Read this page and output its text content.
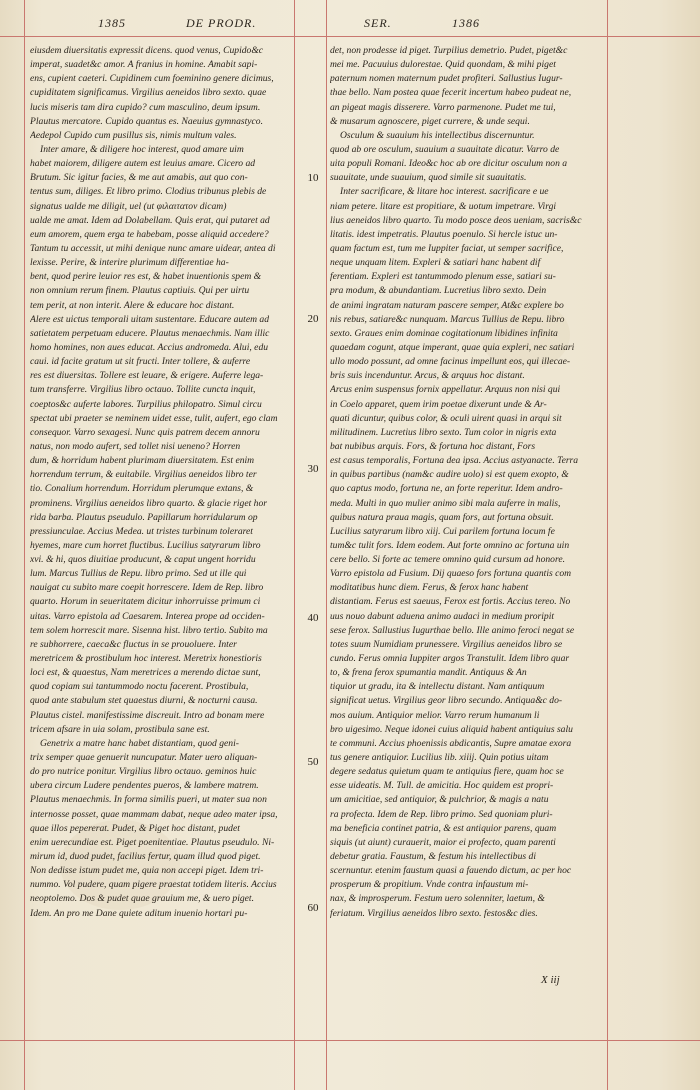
1385	DE PRODR.	SER.	1386
eiusdem diuersitatis expressit dicens. quod venus, Cupido&c
imperat, suadet&c amor. A franius in homine. Amabit sapi-
ens, cupient caeteri. Cupidinem cum foeminino genere dicimus,
cupiditatem significamus. Virgilius aeneidos libro sexto. quae
lucis miseris tam dira cupido? cum masculino, deum ipsum.
Plautus mercatore. Cupido quantus es. Naeuius gymnastyco.
Aedepol Cupido cum pusillus sis, nimis multum vales.
Inter amare, & diligere hoc interest, quod amare uim
habet maiorem, diligere autem est leuius amare. Cicero ad
Brutum. Sic igitur facies, & me aut amabis, aut quo con-
tentus sum, diliges. Et libro primo. Clodius tribunus plebis de
signatus ualde me diligit, uel (ut φιλαιτατον dicam)
ualde me amat. Idem ad Dolabellam. Quis erat, qui putaret ad
eum amorem, quem erga te habebam, posse aliquid accedere?
Tantum tu accessit, ut mihi denique nunc amare uidear, antea di
lexisse. Perire, & interire plurimum differentiae ha-
bent, quod perire leuior res est, & habet inuentionis spem &
non omnium rerum finem. Plautus captiuis. Qui per uirtu
tem perit, at non interit. Alere & educare hoc distant.
Alere est uictus temporali uitam sustentare. Educare autem ad
satietatem perpetuam educere. Plautus menaechmis. Nam illic
homo homines, non aues educat. Accius andromeda. Alui, edu
caui. id facite gratum ut sit fructi. Inter tollere, & auferre
res est diuersitas. Tollere est leuare, & erigere. Auferre lega-
tum transferre. Virgilius libro octauo. Tollite cuncta inquit,
coeptos&c auferte labores. Turpilius philopatro. Simul circu
spectat ubi praeter se neminem uidet esse, tulit, aufert, ego clam
consequor. Varro sexagesi. Nunc quis patrem decem annoru
natus, non modo aufert, sed tollet nisi ueneno? Horren
dum, & horridum habent plurimam diuersitatem. Est enim
horrendum terrum, & euitabile. Virgilius aeneidos libro ter
tio. Conalium horrendum. Horridum plerumque extans, &
prominens. Virgilius aeneidos libro quarto. & glacie riget hor
rida barba. Plautus pseudulo. Papillarum horridularum op
pressiunculae. Accius Medea. ut tristes turbinum toleraret
hyemes, mare cum horret fluctibus. Lucilius satyrarum libro
xvi. & hi, quos diuitiae producunt, & caput ungent horridu
lum. Marcus Tullius de Repu. libro primo. Sed ut ille qui
nauigat cu subito mare coepit horrescere. Idem de Rep. libro
quarto. Horum in seueritatem dicitur inhorruisse primum ci
uitas. Varro epistola ad Caesarem. Interea prope ad occiden-
tem solem horrescit mare. Sisenna hist. libro tertio. Subito ma
re subhorrere, caeca&c fluctus in se prouoluere. Inter
meretricem & prostibulum hoc interest. Meretrix honestioris
loci est, & quaestus, Nam meretrices a merendo dictae sunt,
quod copiam sui tantummodo noctu facerent. Prostibula,
quod ante stabulum stet quaestus diurni, & nocturni causa.
Plautus cistel. manifestissime discreuit. Intro ad bonam mere
tricem afsare in uia solam, prostibula sane est.
Genetrix a matre hanc habet distantiam, quod geni-
trix semper quae genuerit nuncupatur. Mater uero aliquan-
do pro nutrice ponitur. Virgilius libro octauo. geminos huic
ubera circum Ludere pendentes pueros, & lambere matrem.
Plautus menaechmis. In forma similis pueri, ut mater sua non
internosse posset, quae mammam dabat, neque adeo mater ipsa,
quae illos pepererat. Pudet, & Piget hoc distant, pudet
enim uerecundiae est. Piget poenitentiae. Plautus pseudulo. Ni-
mirum id, duod pudet, facilius fertur, quam illud quod piget.
Non dedisse istum pudet me, quia non accepi piget. Idem tri-
nummo. Vol pudere, quam pigere praestat totidem literis. Accius
neoptolemo. Dos & pudet quae grauium me, & uero piget.
Idem. An pro me Dane quiete aditum inuenio hortari pu-
det, non prodesse id piget. Turpilius demetrio. Pudet, piget&c
mei me. Pacuuius dulorestae. Quid quondam, & mihi piget
paternum nomen maternum pudet profiteri. Sallustius Iugur-
thae bello. Nam postea quae fecerit incertum habeo pudeat ne,
an pigeat magis disserere. Varro parmenone. Pudet me tui,
& musarum agnoscere, piget currere, & unde sequi.
Osculum & suauium his intellectibus discernuntur.
quod ab ore osculum, suauium a suauitate dicatur. Varro de
uita populi Romani. Ideo&c hoc ab ore dicitur osculum non a
suauitate, unde suauium, quod simile sit suauitatis.
Inter sacrificare, & litare hoc interest. sacrificare e ue
niam petere. litare est propitiare, & uotum impetrare. Virgi
lius aeneidos libro quarto. Tu modo posce deos ueniam, sacris&c
litatis. idest impetratis. Plautus poenulo. Si hercle istuc un-
quam factum est, tum me Iuppiter faciat, ut semper sacrifice,
neque unquam litem. Expleri & satiari hanc habent dif
ferentiam. Expleri est tantummodo plenum esse, satiari su-
pra modum, & abundantiam. Lucretius libro sexto. Dein
de animi ingratam naturam pascere semper, At&c explere bo
nis rebus, satiare&c nunquam. Marcus Tullius de Repu. libro
sexto. Graues enim dominae cogitationum libidines infinita
quaedam cogunt, atque imperant, quae quia expleri, nec satiari
ullo modo possunt, ad omne facinus impellunt eos, qui illecae-
bris suis incenduntur. Arcus, & arquus hoc distant.
Arcus enim suspensus fornix appellatur. Arquus non nisi qui
in Coelo apparet, quem irim poetae dixerunt unde & Ar-
quati dicuntur, quibus color, & oculi uirent quasi in arqui sit
militudinem. Lucretius libro sexto. Tum color in nigris exta
bat nubibus arquis. Fors, & fortuna hoc distant, Fors
est casus temporalis, Fortuna dea ipsa. Accius astyanacte. Terra
in quibus partibus (nam&c audire uolo) si est quem exopto, &
quo captus modo, fortuna ne, an forte reperitur. Idem andro-
meda. Multi in quo mulier animo sibi mala auferre in malis,
quibus natura praua magis, quam fors, aut fortuna obsuit.
Lucilius satyrarum libro xiij. Cui parilem fortuna locum fe
tum&c tulit fors. Idem eodem. Aut forte omnino ac fortuna uin
cere bello. Si forte ac temere omnino quid cursum ad honore.
Varro epistola ad Fusium. Dij quaeso fors fortuna quantis com
moditatibus hunc diem. Ferus, & ferox hanc habent
distantiam. Ferus est saeuus, Ferox est fortis. Accius tereo. No
uus nouo dabunt aduena animo audaci in medium proripit
sese ferox. Sallustius Iugurthae bello. Ille animo feroci negat se
totes suum Numidiam prunessere. Virgilius aeneidos libro se
cundo. Ferus omnia Iuppiter argos Transtulit. Idem libro quar
to, & frena ferox spumantia mandit. Antiquus & An
tiquior ut gradu, ita & intellectu distant. Nam antiquum
significat uetus. Virgilius geor libro secundo. Antiqua&c do-
mos auium. Antiquior melior. Varro rerum humanum li
bro uigesimo. Neque idonei cuius aliquid habent antiquius salu
te communi. Accius phoenissis abdicantis, Supre amatae exora
tus genere antiquior. Lucilius lib. xiiij. Quin potius uitam
degere sedatus quietum quam te antiquius fiere, quam hoc se
esse uideatis. M. Tull. de amicitia. Hoc quidem est propri-
um amicitiae, sed antiquior, & pulchrior, & magis a natu
ra profecta. Idem de Rep. libro primo. Sed quoniam pluri-
ma beneficia continet patria, & est antiquior parens, quam
siquis (ut aiunt) curauerit, maior ei profecto, quam parenti
debetur gratia. Faustum, & festum his intellectibus di
scernuntur. etenim faustum quasi a fauendo dictum, ac per hoc
prosperum & propitium. Vnde contra infaustum mi-
nax, & improsperum. Festum uero solenniter, laetum, &
feriatum. Virgilius aeneidos libro sexto. festos&c dies.
10
20
30
40
50
60
X iij
